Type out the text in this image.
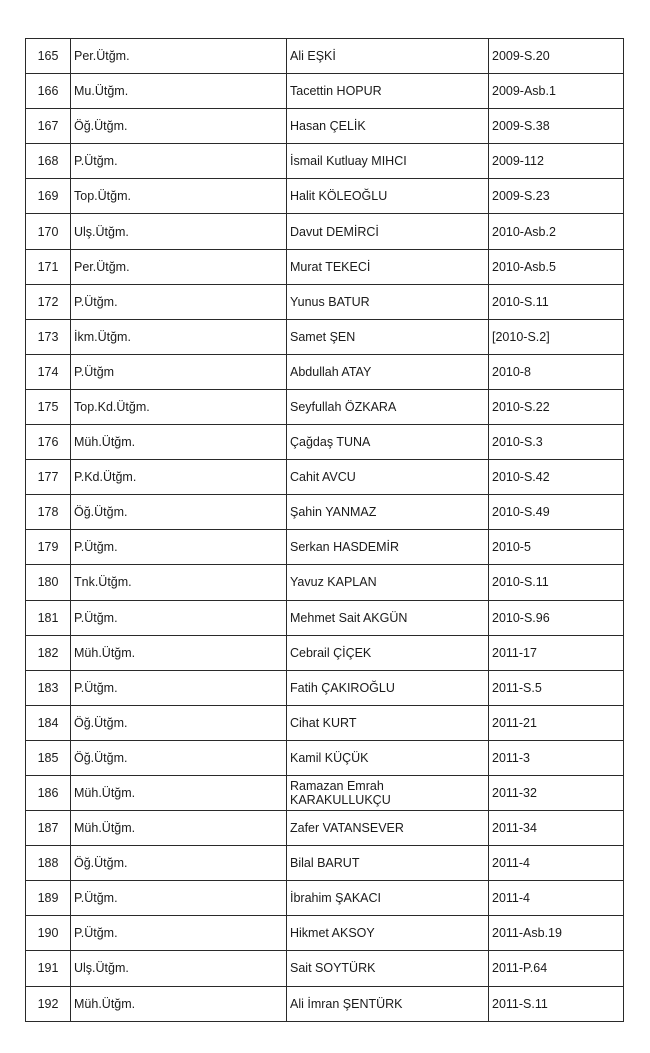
165	Per.Ütğm.	Ali EŞKİ	2009-S.20
166	Mu.Ütğm.	Tacettin HOPUR	2009-Asb.1
167	Öğ.Ütğm.	Hasan ÇELİK	2009-S.38
168	P.Ütğm.	İsmail Kutluay MIHCI	2009-112
169	Top.Ütğm.	Halit KÖLEOĞLU	2009-S.23
170	Ulş.Ütğm.	Davut DEMİRCİ	2010-Asb.2
171	Per.Ütğm.	Murat TEKECİ	2010-Asb.5
172	P.Ütğm.	Yunus BATUR	2010-S.11
173	İkm.Ütğm.	Samet ŞEN	[2010-S.2]
174	P.Ütğm	Abdullah ATAY	2010-8
175	Top.Kd.Ütğm.	Seyfullah ÖZKARA	2010-S.22
176	Müh.Ütğm.	Çağdaş TUNA	2010-S.3
177	P.Kd.Ütğm.	Cahit AVCU	2010-S.42
178	Öğ.Ütğm.	Şahin YANMAZ	2010-S.49
179	P.Ütğm.	Serkan HASDEMİR	2010-5
180	Tnk.Ütğm.	Yavuz KAPLAN	2010-S.11
181	P.Ütğm.	Mehmet Sait AKGÜN	2010-S.96
182	Müh.Ütğm.	Cebrail ÇİÇEK	2011-17
183	P.Ütğm.	Fatih ÇAKIROĞLU	2011-S.5
184	Öğ.Ütğm.	Cihat KURT	2011-21
185	Öğ.Ütğm.	Kamil KÜÇÜK	2011-3
186	Müh.Ütğm.	Ramazan Emrah KARAKULLUKÇU	2011-32
187	Müh.Ütğm.	Zafer VATANSEVER	2011-34
188	Öğ.Ütğm.	Bilal BARUT	2011-4
189	P.Ütğm.	İbrahim ŞAKACI	2011-4
190	P.Ütğm.	Hikmet AKSOY	2011-Asb.19
191	Ulş.Ütğm.	Sait SOYTÜRK	2011-P.64
192	Müh.Ütğm.	Ali İmran ŞENTÜRK	2011-S.11
